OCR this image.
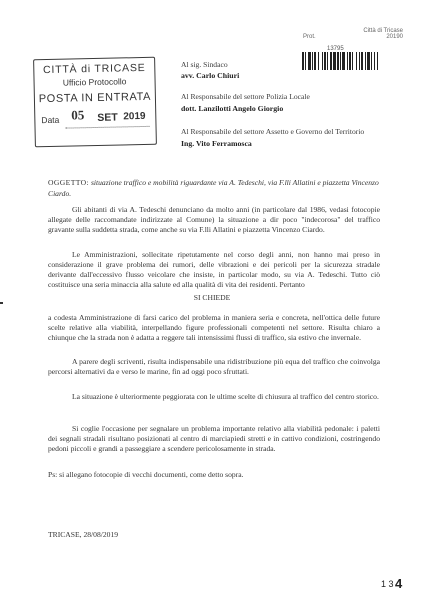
CITTÀ di TRICASE
Ufficio Protocollo
POSTA IN ENTRATA
Data 05 SET 2019
Città di Tricase
Prot.	20190
13795
Al sig. Sindaco
avv. Carlo Chiuri
Al Responsabile del settore Polizia Locale
dott. Lanzilotti Angelo Giorgio
Al Responsabile del settore Assetto e Governo del Territorio
Ing. Vito Ferramosca
OGGETTO: situazione traffico e mobilità riguardante via A. Tedeschi, via F.lli Allatini e piazzetta Vincenzo Ciardo.
Gli abitanti di via A. Tedeschi denunciano da molto anni (in particolare dal 1986, vedasi fotocopie allegate delle raccomandate indirizzate al Comune) la situazione a dir poco "indecorosa" del traffico gravante sulla suddetta strada, come anche su via F.lli Allatini e piazzetta Vincenzo Ciardo.
Le Amministrazioni, sollecitate ripetutamente nel corso degli anni, non hanno mai preso in considerazione il grave problema dei rumori, delle vibrazioni e dei pericoli per la sicurezza stradale derivante dall'eccessivo flusso veicolare che insiste, in particolar modo, su via A. Tedeschi. Tutto ciò costituisce una seria minaccia alla salute ed alla qualità di vita dei residenti. Pertanto
SI CHIEDE
a codesta Amministrazione di farsi carico del problema in maniera seria e concreta, nell'ottica delle future scelte relative alla viabilità, interpellando figure professionali competenti nel settore. Risulta chiaro a chiunque che la strada non è adatta a reggere tali intensissimi flussi di traffico, sia estivo che invernale.
A parere degli scriventi, risulta indispensabile una ridistribuzione più equa del traffico che coinvolga percorsi alternativi da e verso le marine, fin ad oggi poco sfruttati.
La situazione è ulteriormente peggiorata con le ultime scelte di chiusura al traffico del centro storico.
Si coglie l'occasione per segnalare un problema importante relativo alla viabilità pedonale: i paletti dei segnali stradali risultano posizionati al centro di marciapiedi stretti e in cattivo condizioni, costringendo pedoni piccoli e grandi a passeggiare a scendere pericolosamente in strada.
Ps: si allegano fotocopie di vecchi documenti, come detto sopra.
TRICASE, 28/08/2019
1 3 4
